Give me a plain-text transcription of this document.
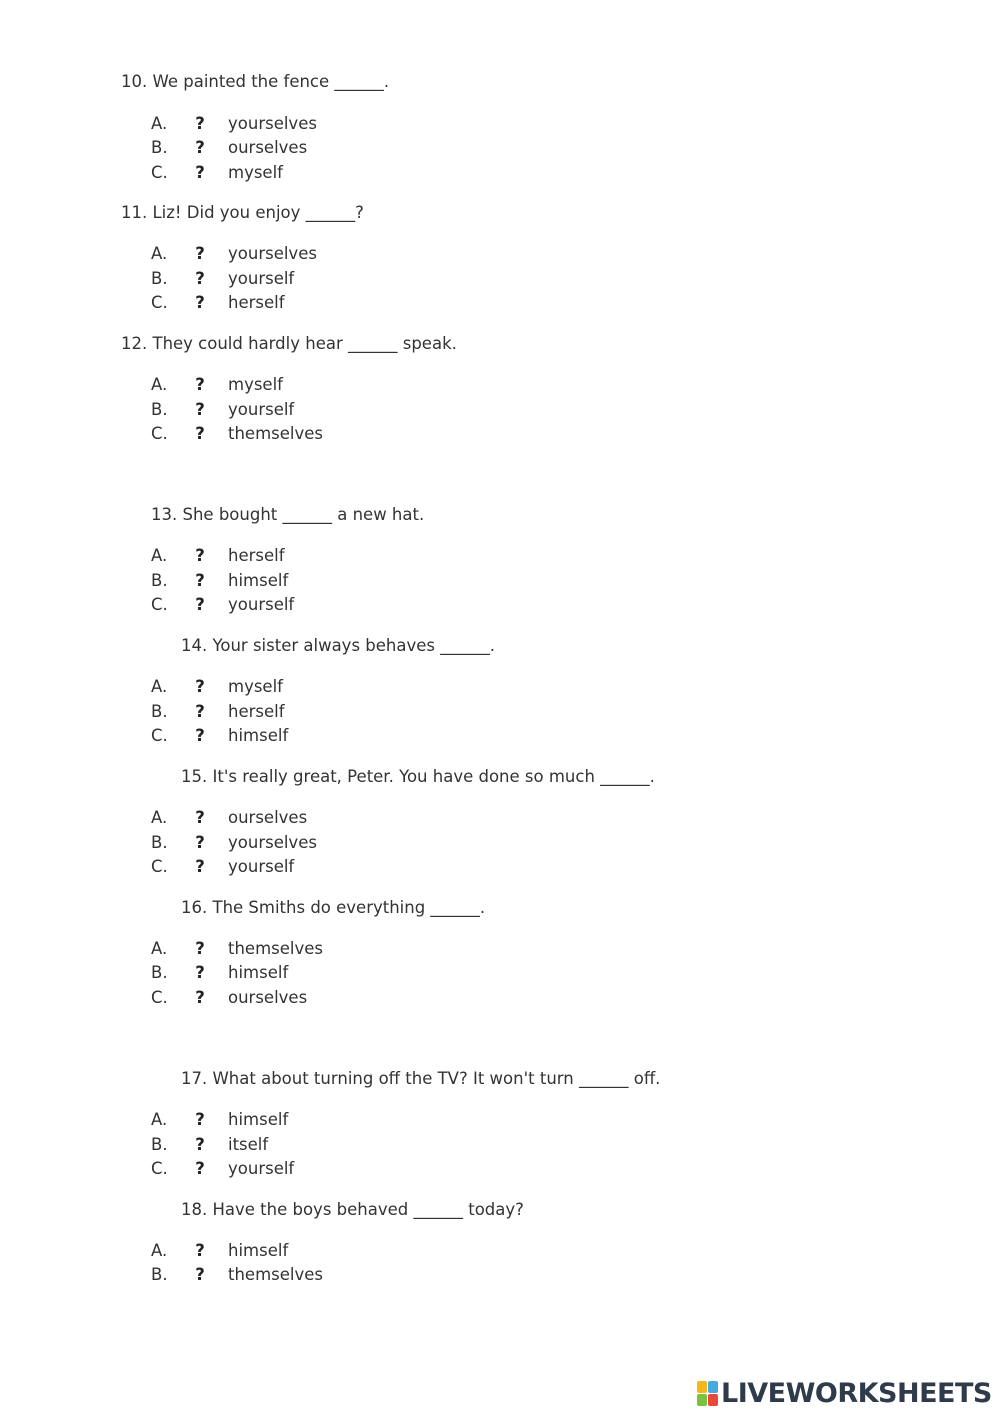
10. We painted the fence ______.
A. ? yourselves
B. ? ourselves
C. ? myself
11. Liz! Did you enjoy ______?
A. ? yourselves
B. ? yourself
C. ? herself
12. They could hardly hear ______ speak.
A. ? myself
B. ? yourself
C. ? themselves
13. She bought ______ a new hat.
A. ? herself
B. ? himself
C. ? yourself
14. Your sister always behaves ______.
A. ? myself
B. ? herself
C. ? himself
15. It's really great, Peter. You have done so much ______.
A. ? ourselves
B. ? yourselves
C. ? yourself
16. The Smiths do everything ______.
A. ? themselves
B. ? himself
C. ? ourselves
17. What about turning off the TV? It won't turn ______ off.
A. ? himself
B. ? itself
C. ? yourself
18. Have the boys behaved ______ today?
A. ? himself
B. ? themselves
LIVEWORKSHEETS
